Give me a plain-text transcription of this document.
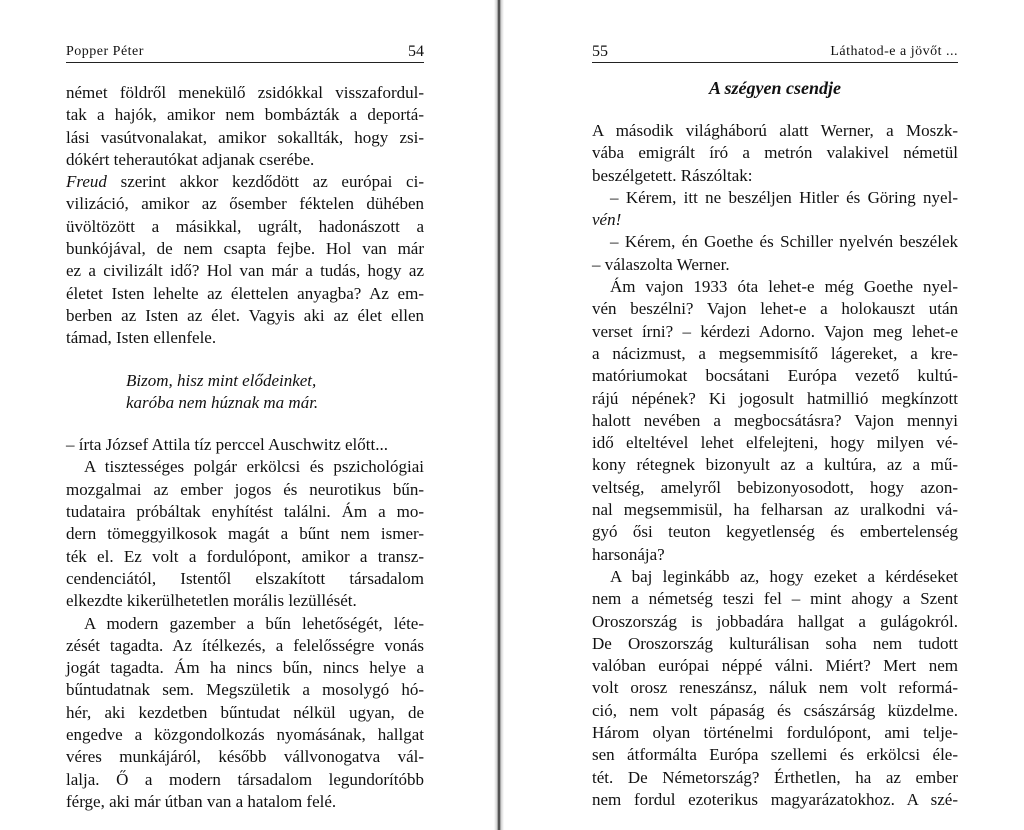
Popper Péter	54
német földről menekülő zsidókkal visszafordul-
tak a hajók, amikor nem bombázták a deportá-
lási vasútvonalakat, amikor sokallták, hogy zsi-
dókért teherautókat adjanak cserébe.
Freud szerint akkor kezdődött az európai ci-
vilizáció, amikor az ősember féktelen dühében
üvöltözött a másikkal, ugrált, hadonászott a
bunkójával, de nem csapta fejbe. Hol van már
ez a civilizált idő? Hol van már a tudás, hogy az
életet Isten lehelte az élettelen anyagba? Az em-
berben az Isten az élet. Vagyis aki az élet ellen
támad, Isten ellenfele.
Bizom, hisz mint elődeinket,
karóba nem húznak ma már.
– írta József Attila tíz perccel Auschwitz előtt...
A tisztességes polgár erkölcsi és pszichológiai
mozgalmai az ember jogos és neurotikus bűn-
tudataira próbáltak enyhítést találni. Ám a mo-
dern tömeggyilkosok magát a bűnt nem ismer-
ték el. Ez volt a fordulópont, amikor a transz-
cendenciától, Istentől elszakított társadalom
elkezdte kikerülhetetlen morális lezüllését.
A modern gazember a bűn lehetőségét, léte-
zését tagadta. Az ítélkezés, a felelősségre vonás
jogát tagadta. Ám ha nincs bűn, nincs helye a
bűntudatnak sem. Megszületik a mosolygó hó-
hér, aki kezdetben bűntudat nélkül ugyan, de
engedve a közgondolkozás nyomásának, hallgat
véres munkájáról, később vállvonogatva vál-
lalja. Ő a modern társadalom legundorítóbb
férge, aki már útban van a hatalom felé.
55	Láthatod-e a jövőt ...
A szégyen csendje
A második világháború alatt Werner, a Moszk-
vába emigrált író a metrón valakivel németül
beszélgetett. Rászóltak:
– Kérem, itt ne beszéljen Hitler és Göring nyel-
vén!
– Kérem, én Goethe és Schiller nyelvén beszélek
– válaszolta Werner.
Ám vajon 1933 óta lehet-e még Goethe nyel-
vén beszélni? Vajon lehet-e a holokauszt után
verset írni? – kérdezi Adorno. Vajon meg lehet-e
a nácizmust, a megsemmisítő lágereket, a kre-
matóriumokat bocsátani Európa vezető kultú-
rájú népének? Ki jogosult hatmillió megkínzott
halott nevében a megbocsátásra? Vajon mennyi
idő elteltével lehet elfelejteni, hogy milyen vé-
kony rétegnek bizonyult az a kultúra, az a mű-
veltség, amelyről bebizonyosodott, hogy azon-
nal megsemmisül, ha felharsan az uralkodni vá-
gyó ősi teuton kegyetlenség és embertelenség
harsonája?
A baj leginkább az, hogy ezeket a kérdéseket
nem a németség teszi fel – mint ahogy a Szent
Oroszország is jobbadára hallgat a gulágokról.
De Oroszország kulturálisan soha nem tudott
valóban európai néppé válni. Miért? Mert nem
volt orosz reneszánsz, náluk nem volt reformá-
ció, nem volt pápaság és császárság küzdelme.
Három olyan történelmi fordulópont, ami telje-
sen átformálta Európa szellemi és erkölcsi éle-
tét. De Németország? Érthetlen, ha az ember
nem fordul ezoterikus magyarázatokhoz. A szé-
